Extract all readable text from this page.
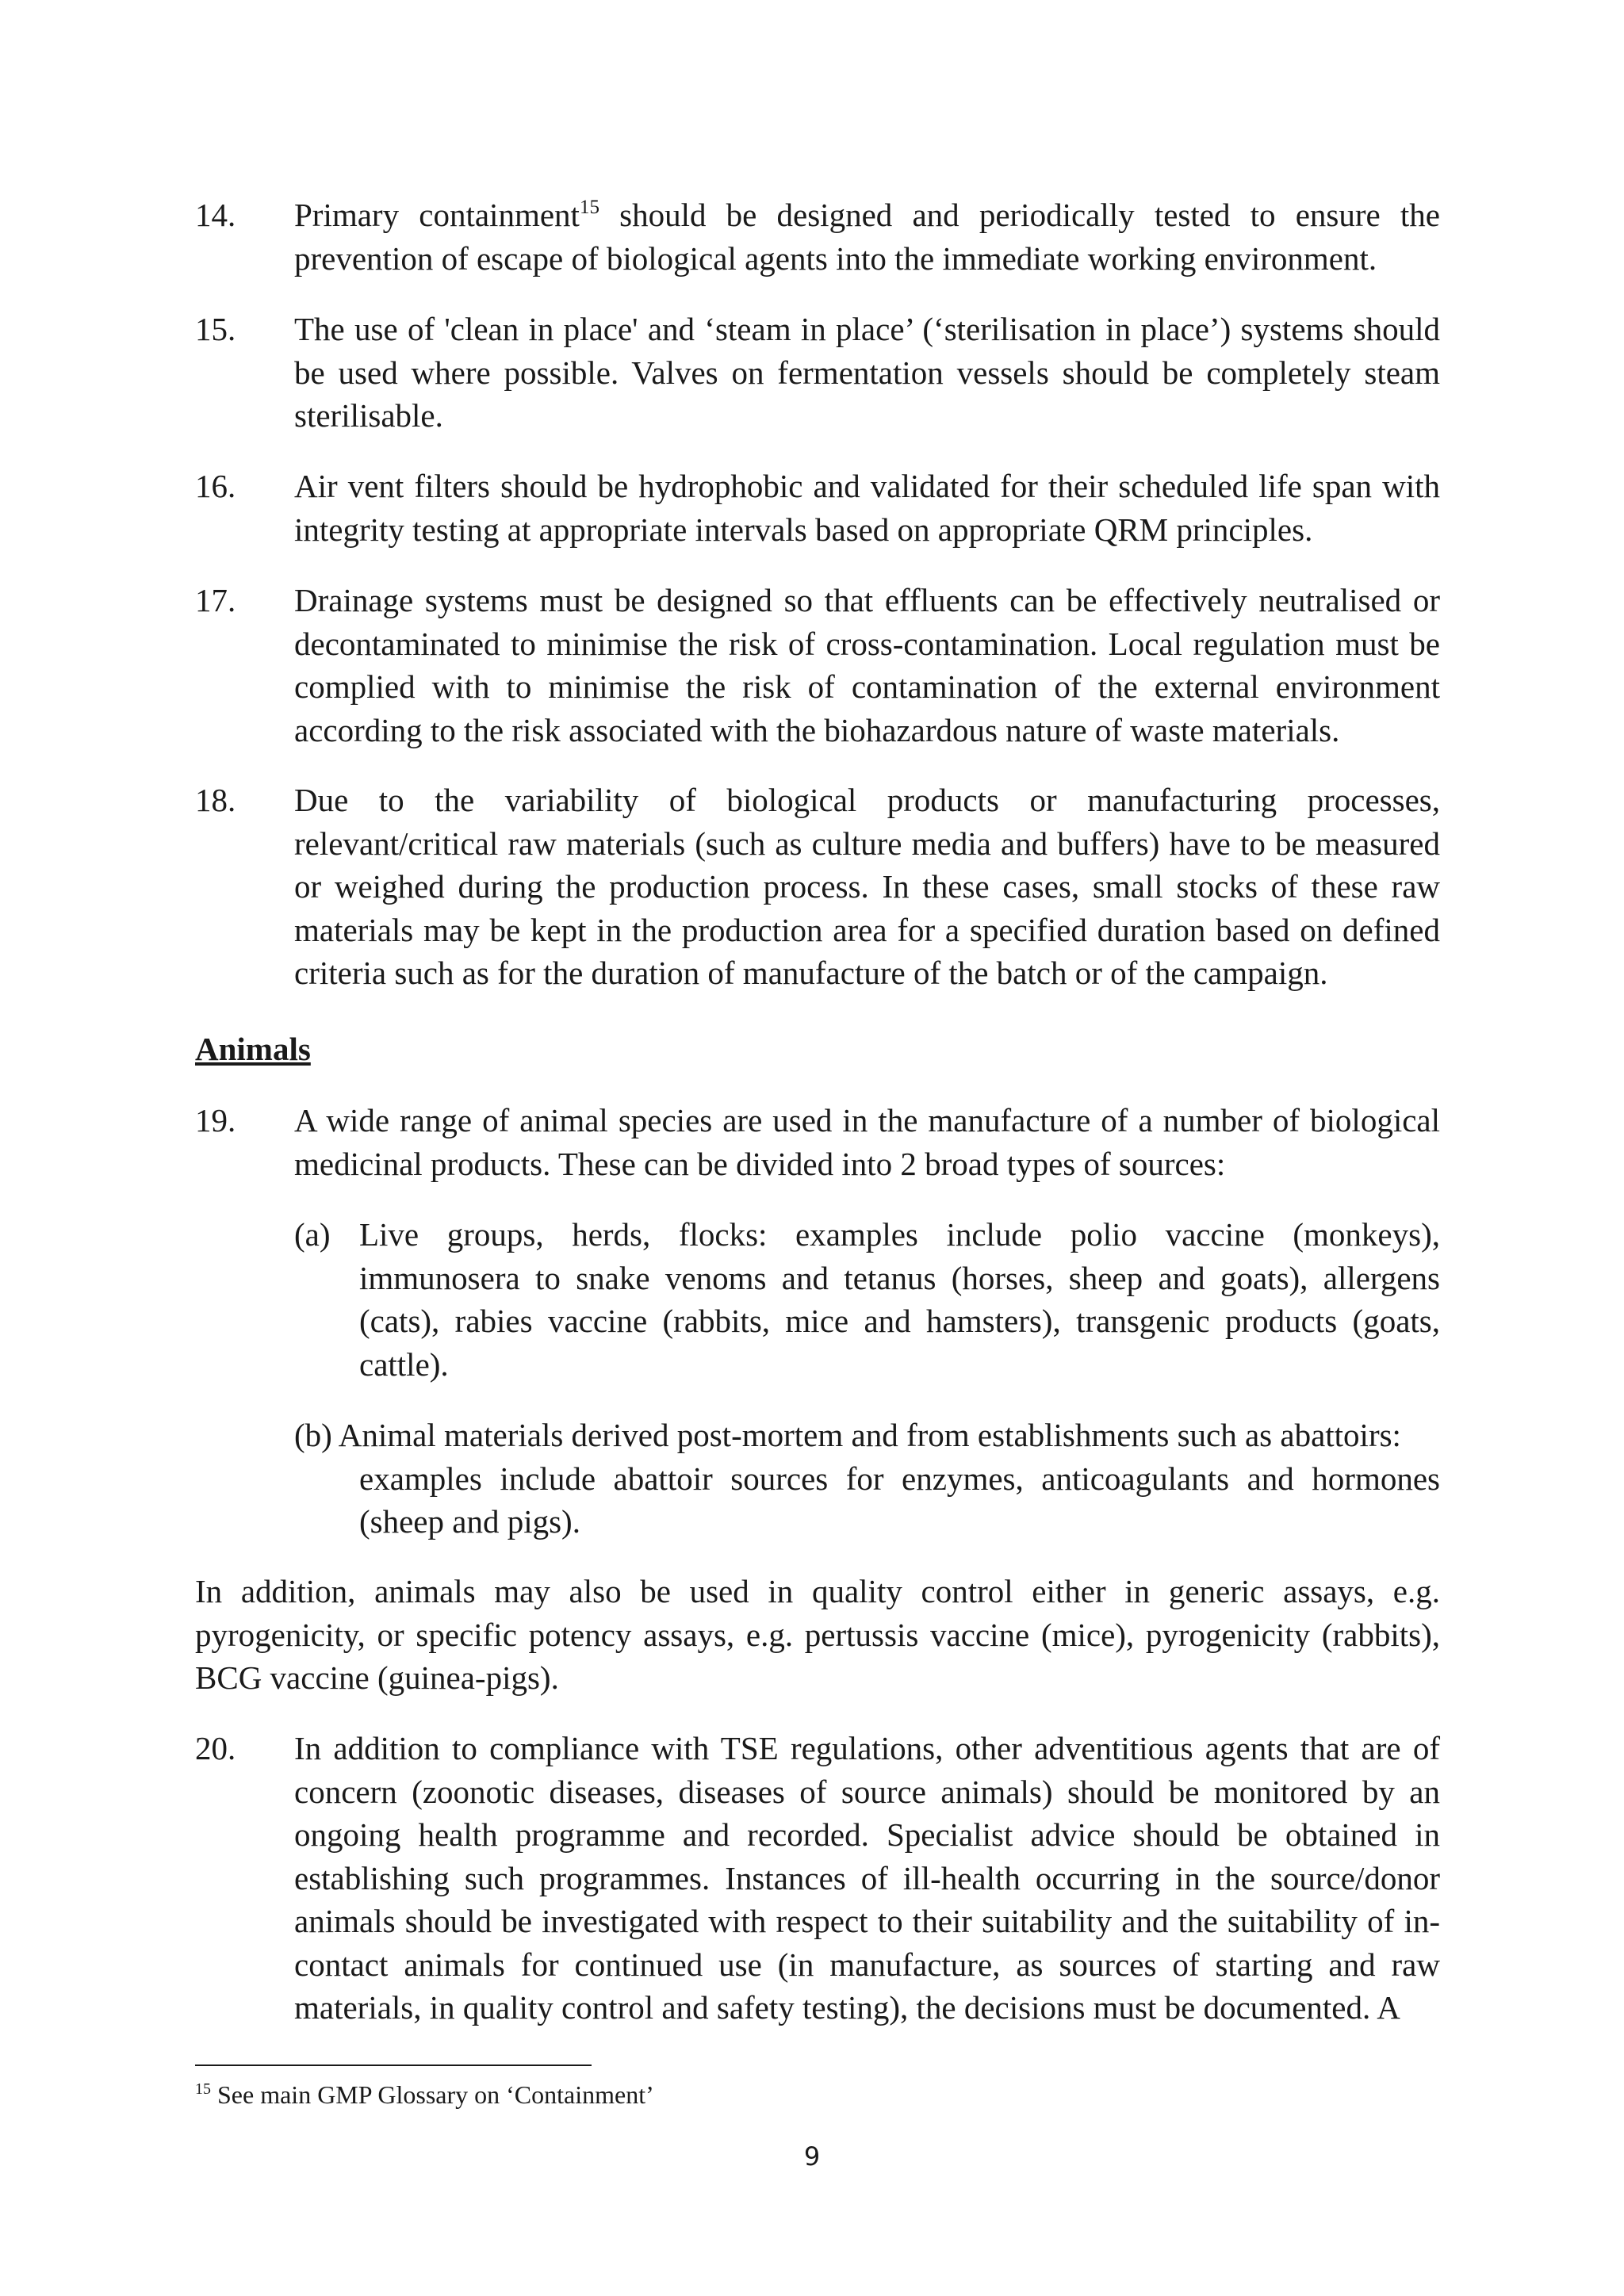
14. Primary containment$^{15}$ should be designed and periodically tested to ensure the prevention of escape of biological agents into the immediate working environment.
15. The use of 'clean in place' and ‘steam in place’ (‘sterilisation in place’) systems should be used where possible. Valves on fermentation vessels should be completely steam sterilisable.
16. Air vent filters should be hydrophobic and validated for their scheduled life span with integrity testing at appropriate intervals based on appropriate QRM principles.
17. Drainage systems must be designed so that effluents can be effectively neutralised or decontaminated to minimise the risk of cross-contamination. Local regulation must be complied with to minimise the risk of contamination of the external environment according to the risk associated with the biohazardous nature of waste materials.
18. Due to the variability of biological products or manufacturing processes, relevant/critical raw materials (such as culture media and buffers) have to be measured or weighed during the production process. In these cases, small stocks of these raw materials may be kept in the production area for a specified duration based on defined criteria such as for the duration of manufacture of the batch or of the campaign.
Animals
19. A wide range of animal species are used in the manufacture of a number of biological medicinal products. These can be divided into 2 broad types of sources:
(a) Live groups, herds, flocks: examples include polio vaccine (monkeys), immunosera to snake venoms and tetanus (horses, sheep and goats), allergens (cats), rabies vaccine (rabbits, mice and hamsters), transgenic products (goats, cattle).
(b) Animal materials derived post-mortem and from establishments such as abattoirs:
examples include abattoir sources for enzymes, anticoagulants and hormones (sheep and pigs).
In addition, animals may also be used in quality control either in generic assays, e.g. pyrogenicity, or specific potency assays, e.g. pertussis vaccine (mice), pyrogenicity (rabbits), BCG vaccine (guinea-pigs).
20. In addition to compliance with TSE regulations, other adventitious agents that are of concern (zoonotic diseases, diseases of source animals) should be monitored by an ongoing health programme and recorded. Specialist advice should be obtained in establishing such programmes. Instances of ill-health occurring in the source/donor animals should be investigated with respect to their suitability and the suitability of in-contact animals for continued use (in manufacture, as sources of starting and raw materials, in quality control and safety testing), the decisions must be documented. A
$^{15}$ See main GMP Glossary on ‘Containment’
9
